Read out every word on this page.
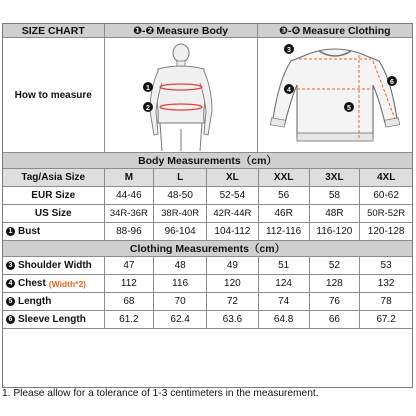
SIZE CHART	❶-❷ Measure Body	❸-❻ Measure Clothing
How to measure
1
2
3
4
5
6
Body Measurements（cm）
Tag/Asia Size	M	L	XL	XXL	3XL	4XL
EUR Size	44-46	48-50	52-54	56	58	60-62
US Size	34R-36R 38R-40R 42R-44R 46R	48R 50R-52R
1 Bust	88-96 96-104 104-112 112-116 116-120 120-128
Clothing Measurements（cm）
3 Shoulder Width	47	48	49	51	52	53
4 Chest (Width*2)	112	116	120	124	128	132
5 Length	68	70	72	74	76	78
6 Sleeve Length	61.2	62.4	63.6	64.8	66	67.2
1. Please allow for a tolerance of 1-3 centimeters in the measurement.
